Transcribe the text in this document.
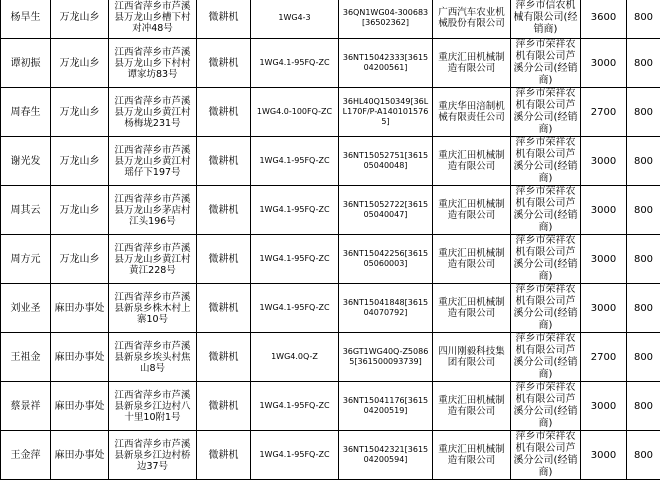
杨旱生	万龙山乡	江西省萍乡市芦溪县万龙山乡槽下村对冲48号	微耕机	1WG4-3	36QN1WG04-300683[36502362]	广西汽车农业机械股份有限公司	萍乡市信农机械有限公司(经销商)	3600	800

谭初振	万龙山乡	江西省萍乡市芦溪县万龙山乡下村村谭家坊83号	微耕机	1WG4.1-95FQ-ZC	36NT15042333[361504200561]	重庆汇田机械制造有限公司	萍乡市荣祥农机有限公司芦溪分公司(经销商)	3000	800

周春生	万龙山乡	江西省萍乡市芦溪县万龙山乡黄江村杨梅垅231号	微耕机	1WG4.0-100FQ-ZC	36HL40Q150349[36LL170F/P-A1401015765]	重庆华田涪制机械有限责任公司	萍乡市荣祥农机有限公司芦溪分公司(经销商)	2700	800

谢光发	万龙山乡	江西省萍乡市芦溪县万龙山乡黄江村瑶仔下197号	微耕机	1WG4.1-95FQ-ZC	36NT15052751[361505040048]	重庆汇田机械制造有限公司	萍乡市荣祥农机有限公司芦溪分公司(经销商)	3000	800

周其云	万龙山乡	江西省萍乡市芦溪县万龙山乡茅店村江头196号	微耕机	1WG4.1-95FQ-ZC	36NT15052722[361505040047]	重庆汇田机械制造有限公司	萍乡市荣祥农机有限公司芦溪分公司(经销商)	3000	800

周方元	万龙山乡	江西省萍乡市芦溪县万龙山乡黄江村黄江228号	微耕机	1WG4.1-95FQ-ZC	36NT15042256[361505060003]	重庆汇田机械制造有限公司	萍乡市荣祥农机有限公司芦溪分公司(经销商)	3000	800

刘业圣	麻田办事处	江西省萍乡市芦溪县新泉乡株木村上寨10号	微耕机	1WG4.1-95FQ-ZC	36NT15041848[361504070792]	重庆汇田机械制造有限公司	萍乡市荣祥农机有限公司芦溪分公司(经销商)	3000	800

王祖金	麻田办事处	江西省萍乡市芦溪县新泉乡埃头村焦山8号	微耕机	1WG4.0Q-Z	36GT1WG40Q-Z50865[361500093739]	四川刚毅科技集团有限公司	萍乡市荣祥农机有限公司芦溪分公司(经销商)	2700	800

蔡景祥	麻田办事处	江西省萍乡市芦溪县新泉乡江边村八十里10附1号	微耕机	1WG4.1-95FQ-ZC	36NT15041176[361504200519]	重庆汇田机械制造有限公司	萍乡市荣祥农机有限公司芦溪分公司(经销商)	3000	800

王金萍	麻田办事处	江西省萍乡市芦溪县新泉乡江边村桥边37号	微耕机	1WG4.1-95FQ-ZC	36NT15042321[361504200594]	重庆汇田机械制造有限公司	萍乡市荣祥农机有限公司芦溪分公司(经销商)	3000	800
